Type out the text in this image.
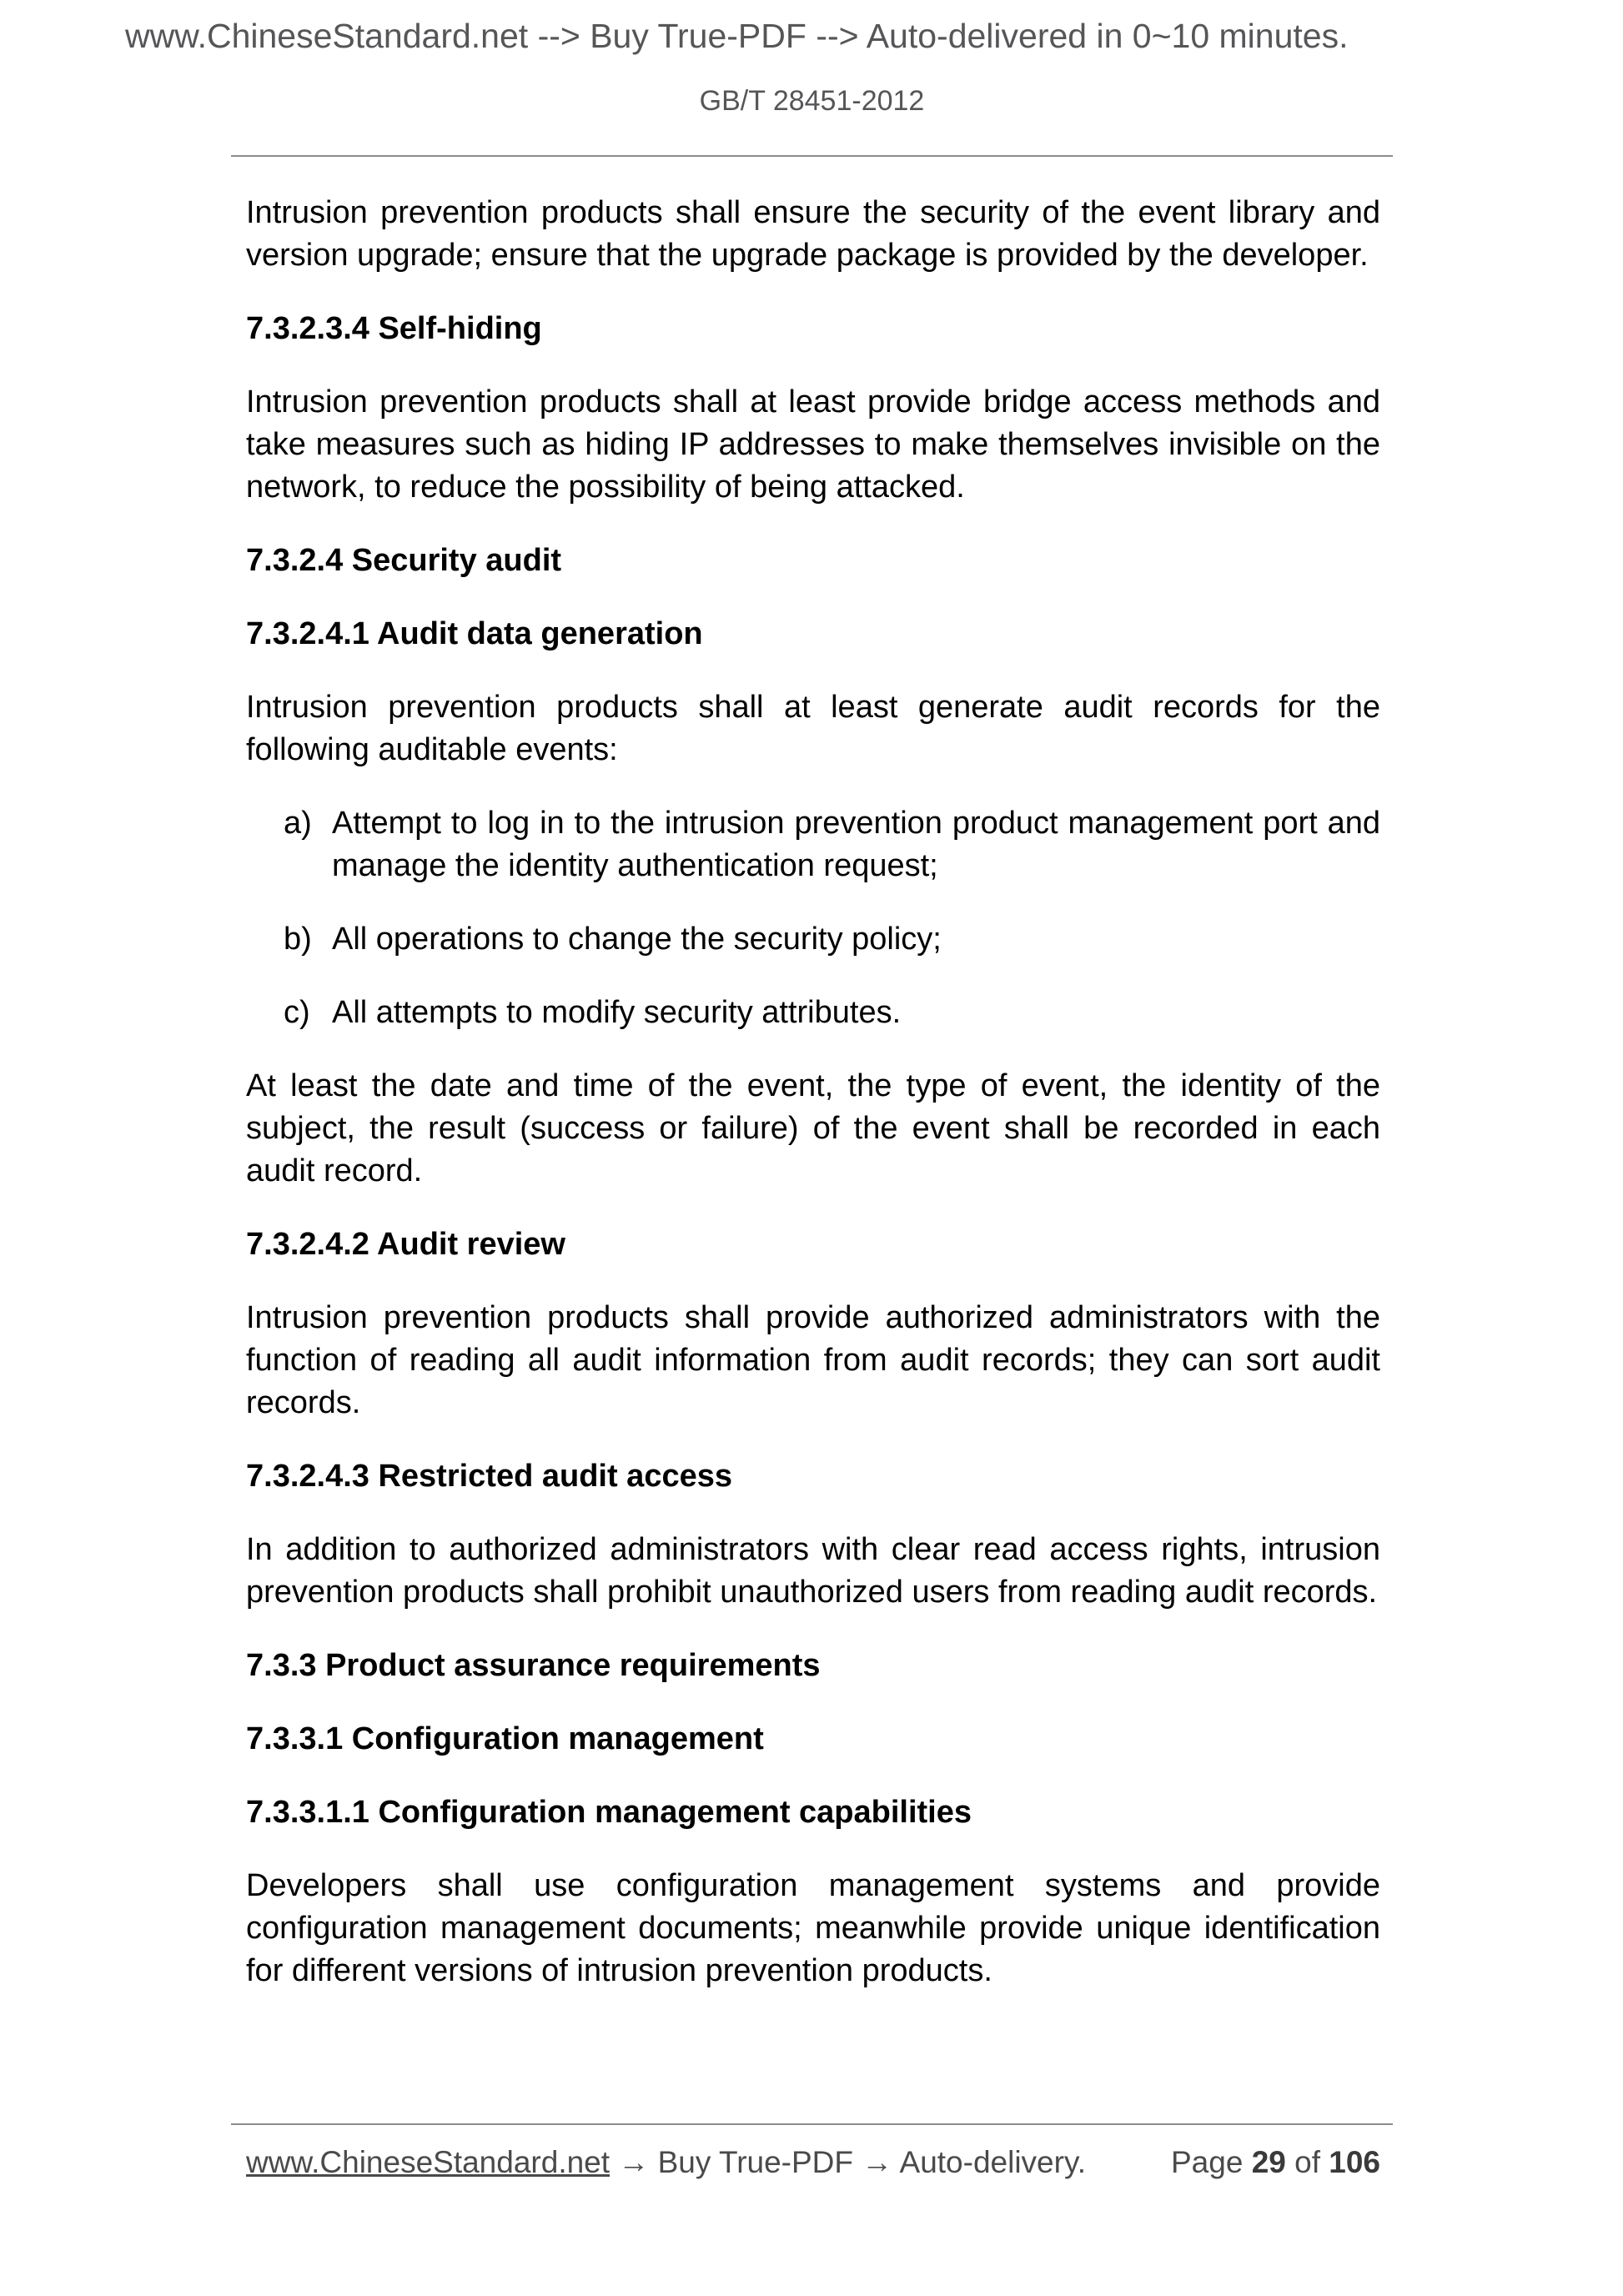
www.ChineseStandard.net --> Buy True-PDF --> Auto-delivered in 0~10 minutes.
GB/T 28451-2012

Intrusion prevention products shall ensure the security of the event library and version upgrade; ensure that the upgrade package is provided by the developer.

7.3.2.3.4 Self-hiding

Intrusion prevention products shall at least provide bridge access methods and take measures such as hiding IP addresses to make themselves invisible on the network, to reduce the possibility of being attacked.

7.3.2.4 Security audit

7.3.2.4.1 Audit data generation

Intrusion prevention products shall at least generate audit records for the following auditable events:

a) Attempt to log in to the intrusion prevention product management port and manage the identity authentication request;
b) All operations to change the security policy;
c) All attempts to modify security attributes.

At least the date and time of the event, the type of event, the identity of the subject, the result (success or failure) of the event shall be recorded in each audit record.

7.3.2.4.2 Audit review

Intrusion prevention products shall provide authorized administrators with the function of reading all audit information from audit records; they can sort audit records.

7.3.2.4.3 Restricted audit access

In addition to authorized administrators with clear read access rights, intrusion prevention products shall prohibit unauthorized users from reading audit records.

7.3.3 Product assurance requirements

7.3.3.1 Configuration management

7.3.3.1.1 Configuration management capabilities

Developers shall use configuration management systems and provide configuration management documents; meanwhile provide unique identification for different versions of intrusion prevention products.

www.ChineseStandard.net → Buy True-PDF → Auto-delivery.	Page 29 of 106
